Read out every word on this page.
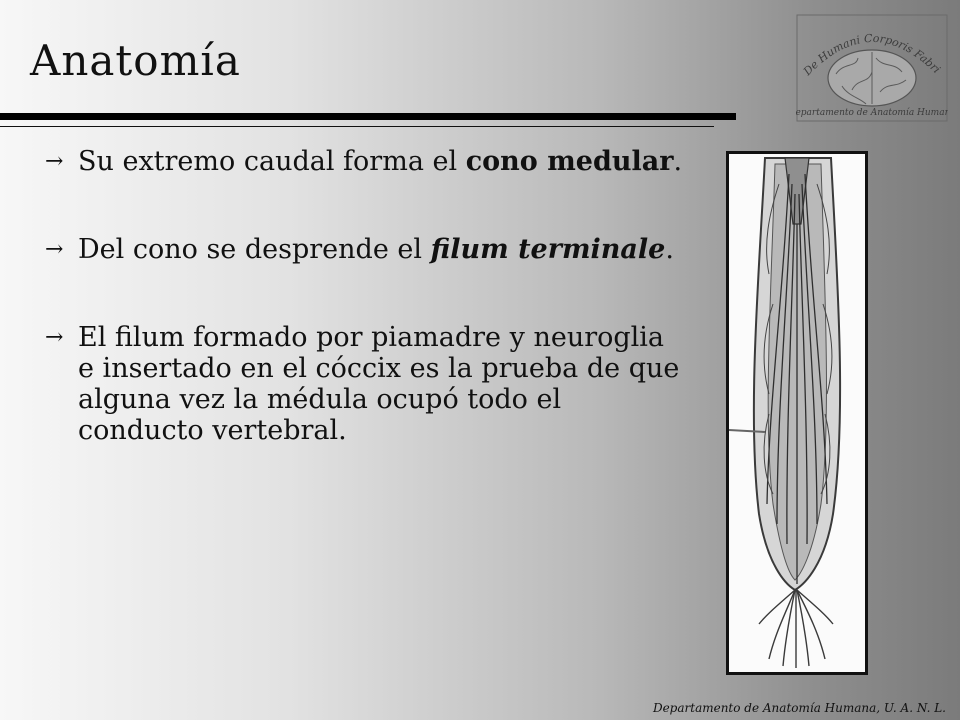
Anatomía
→ Su extremo caudal forma el cono medular.
→ Del cono se desprende el filum terminale.
→ El filum formado por piamadre y neuroglia e insertado en el cóccix es la prueba de que alguna vez la médula ocupó todo el conducto vertebral.
De Humani Corporis Fabri
Departamento de Anatomía Humana
Departamento de Anatomía Humana, U. A. N. L.
